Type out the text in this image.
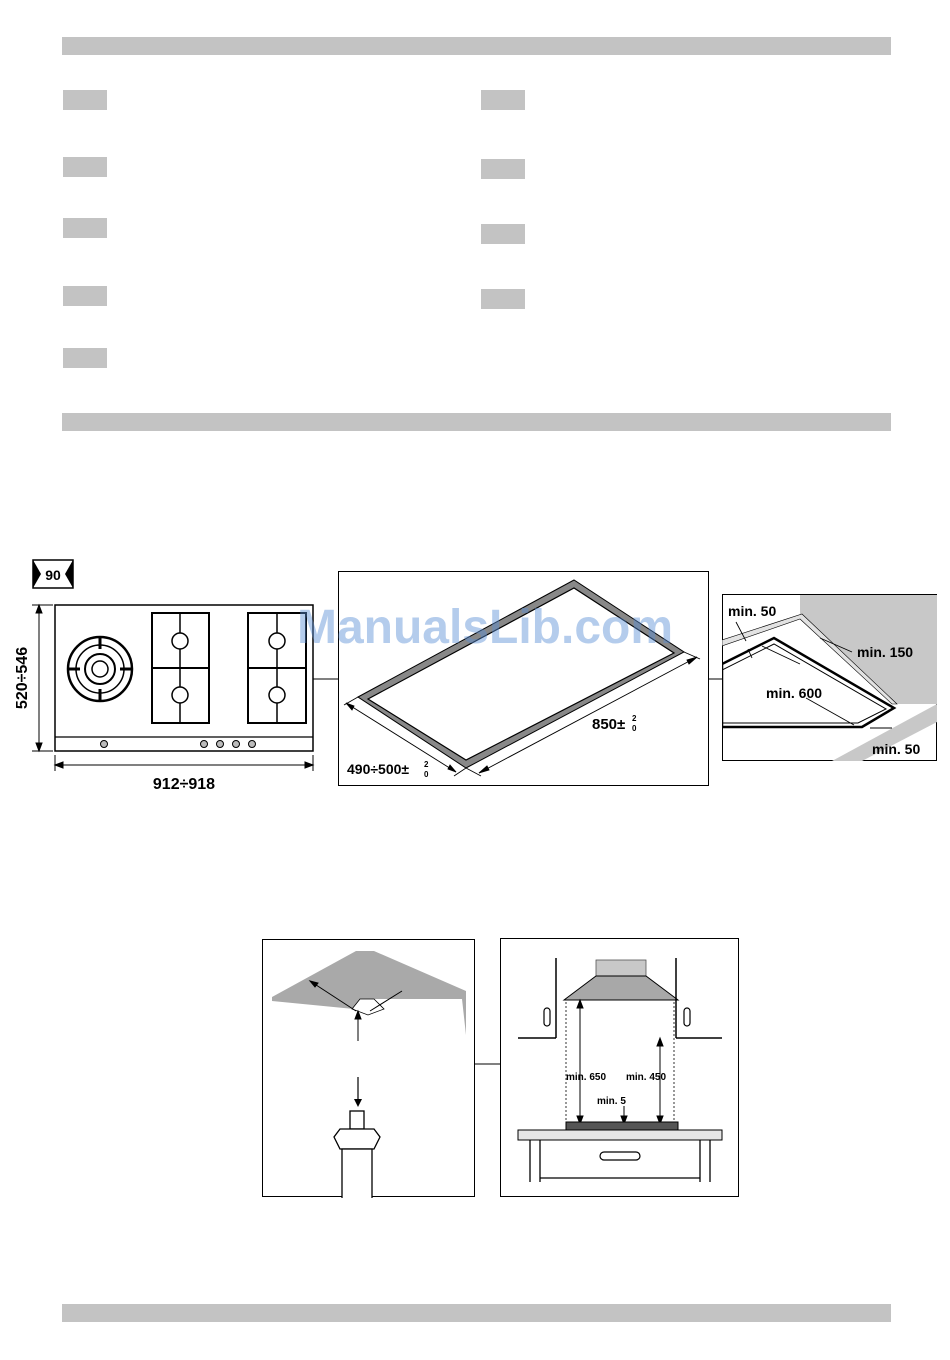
90
520÷546
912÷918
850± 2
0
490÷500± 2
0
min. 50
min. 150
min. 600
min. 50
min. 650 min. 450
min. 5
ManualsLib.com
